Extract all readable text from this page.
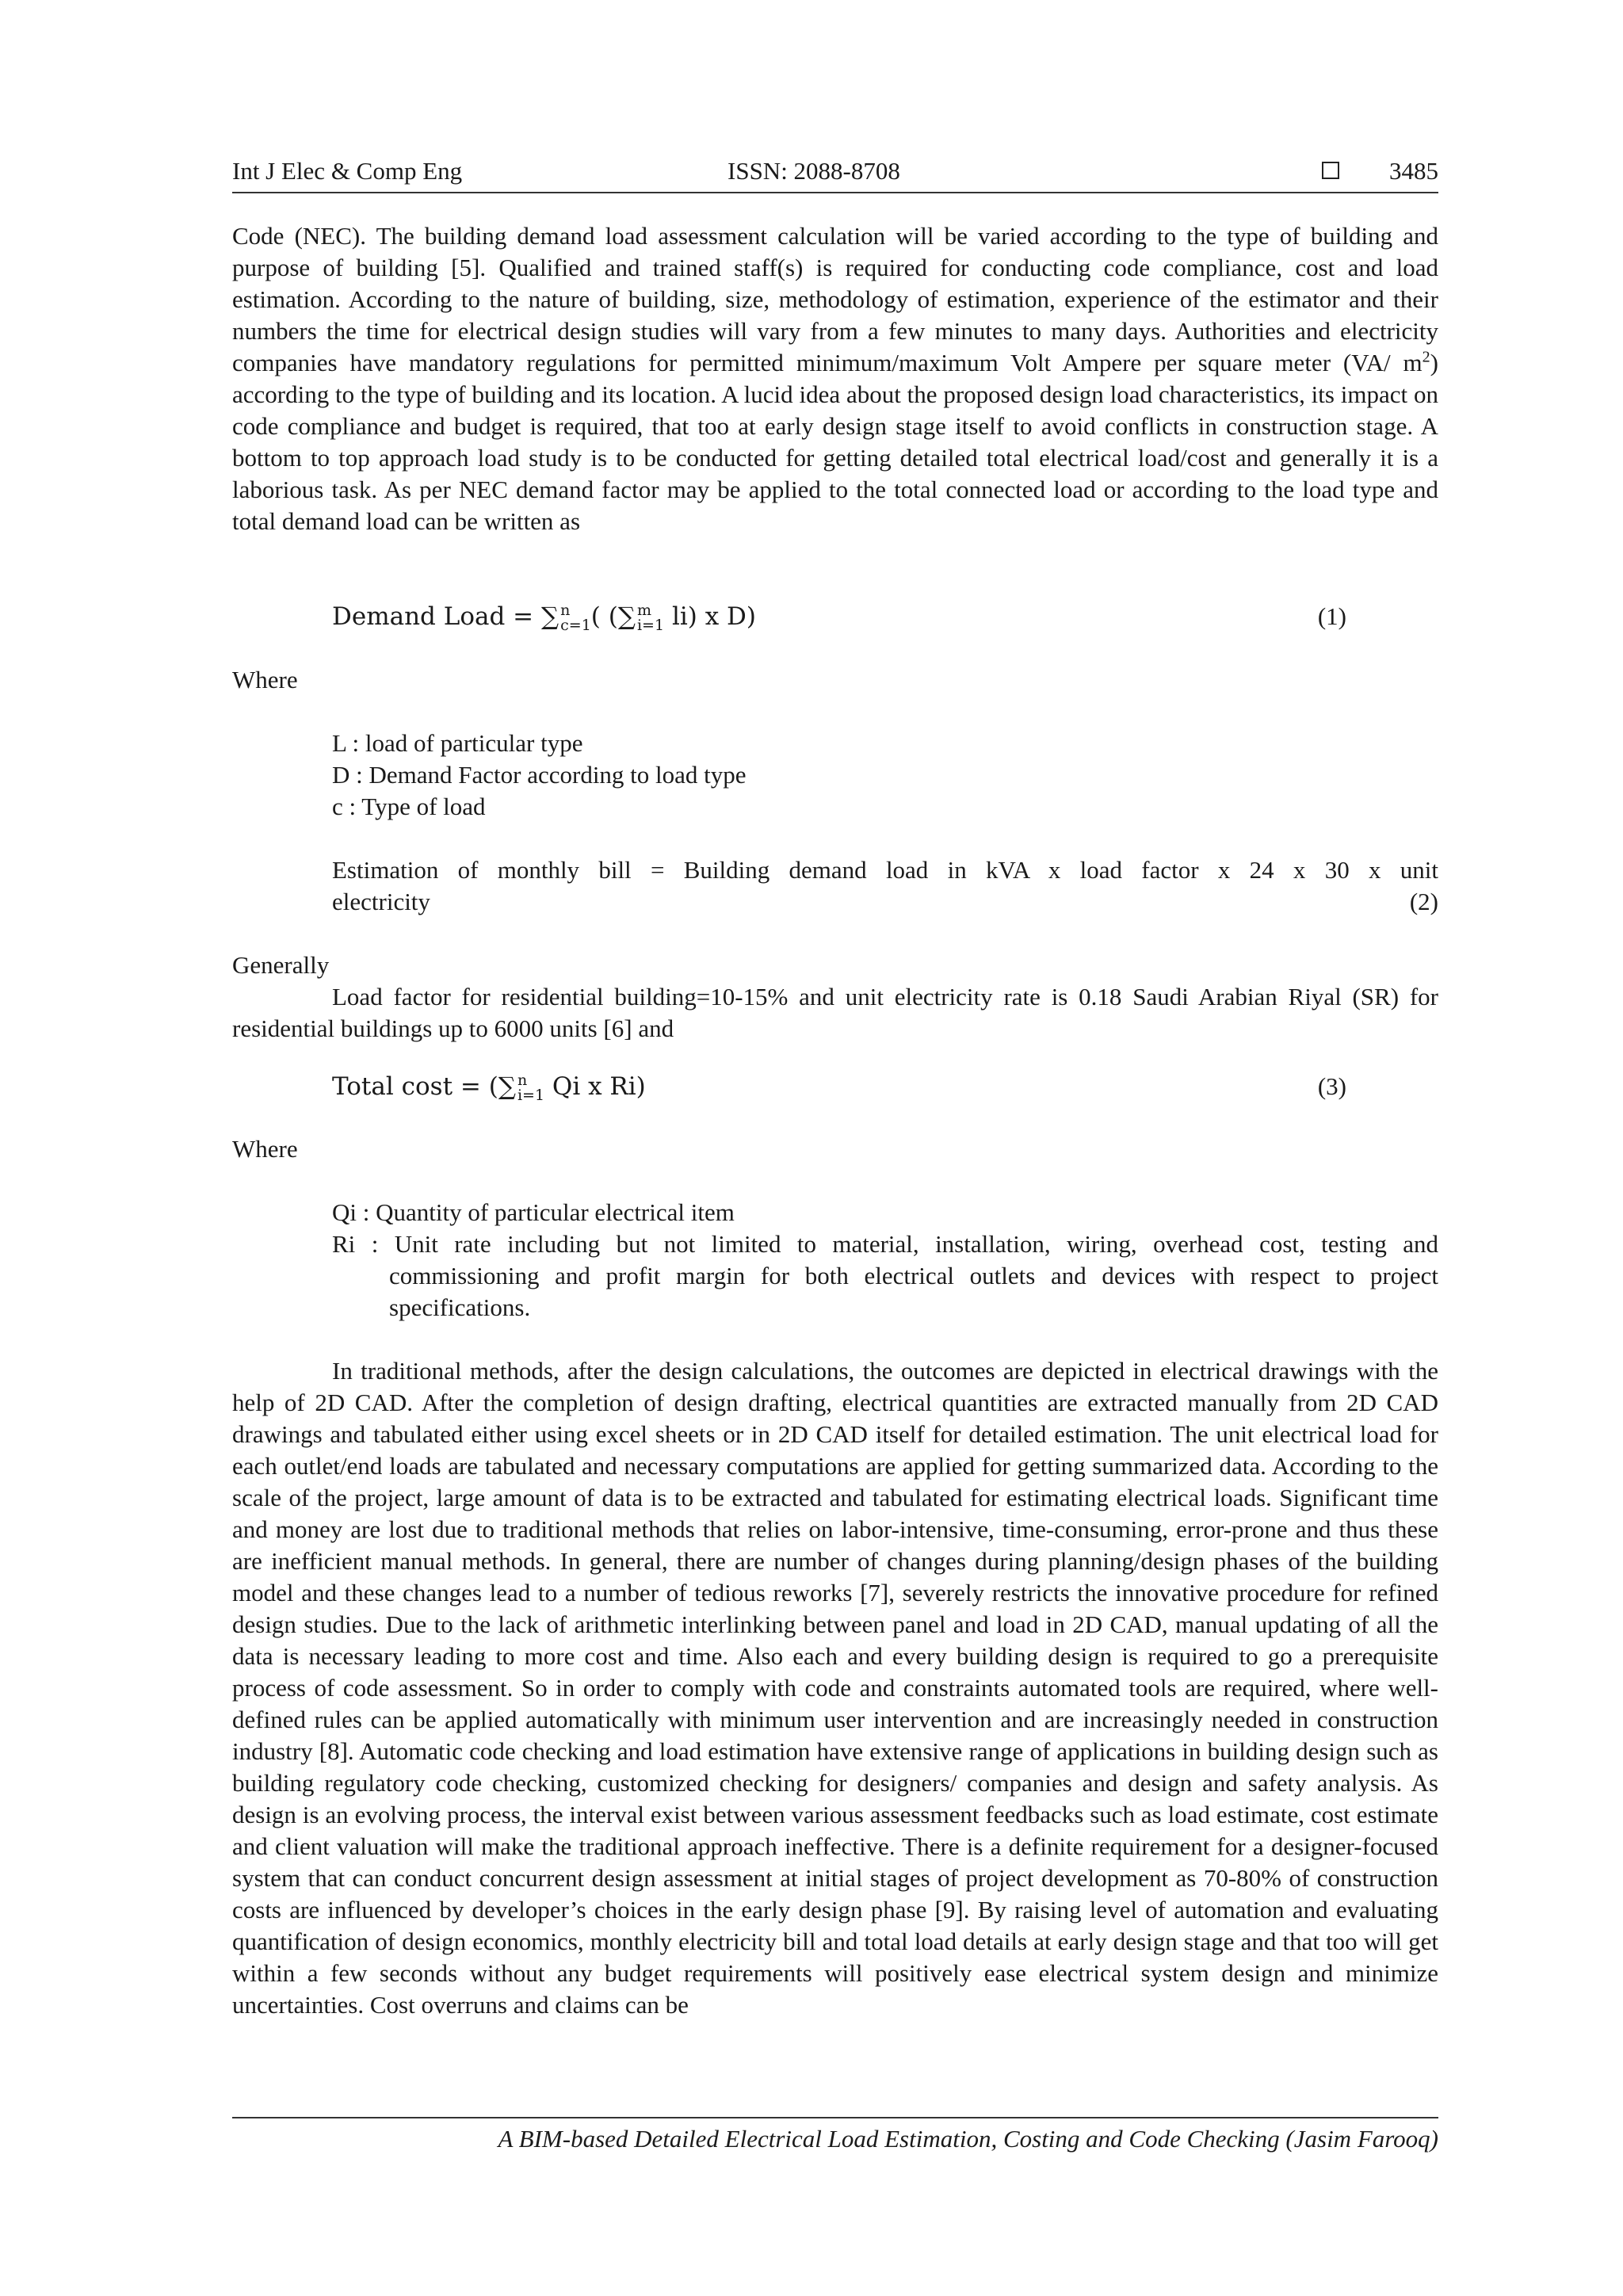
Int J Elec & Comp Eng	ISSN: 2088-8708	3485

Code (NEC). The building demand load assessment calculation will be varied according to the type of building and purpose of building [5]. Qualified and trained staff(s) is required for conducting code compliance, cost and load estimation. According to the nature of building, size, methodology of estimation, experience of the estimator and their numbers the time for electrical design studies will vary from a few minutes to many days. Authorities and electricity companies have mandatory regulations for permitted minimum/maximum Volt Ampere per square meter (VA/ $m^2$) according to the type of building and its location. A lucid idea about the proposed design load characteristics, its impact on code compliance and budget is required, that too at early design stage itself to avoid conflicts in construction stage. A bottom to top approach load study is to be conducted for getting detailed total electrical load/cost and generally it is a laborious task. As per NEC demand factor may be applied to the total connected load or according to the load type and total demand load can be written as

Demand Load = ∑ n
c=1 ( (∑ m
i=1 li) x D)	(1)
Where
L : load of particular type
D : Demand Factor according to load type
c : Type of load
Estimation of monthly bill = Building demand load in kVA x load factor x 24 x 30 x unit
electricity	(2)
Generally

Load factor for residential building=10-15% and unit electricity rate is 0.18 Saudi Arabian Riyal (SR) for residential buildings up to 6000 units [6] and

Total cost = (∑ n
i=1 Qi x Ri)	(3)
Where
Qi : Quantity of particular electrical item
Ri : Unit rate including but not limited to material, installation, wiring, overhead cost, testing and commissioning and profit margin for both electrical outlets and devices with respect to project specifications.

In traditional methods, after the design calculations, the outcomes are depicted in electrical drawings with the help of 2D CAD. After the completion of design drafting, electrical quantities are extracted manually from 2D CAD drawings and tabulated either using excel sheets or in 2D CAD itself for detailed estimation. The unit electrical load for each outlet/end loads are tabulated and necessary computations are applied for getting summarized data. According to the scale of the project, large amount of data is to be extracted and tabulated for estimating electrical loads. Significant time and money are lost due to traditional methods that relies on labor-intensive, time-consuming, error-prone and thus these are inefficient manual methods. In general, there are number of changes during planning/design phases of the building model and these changes lead to a number of tedious reworks [7], severely restricts the innovative procedure for refined design studies. Due to the lack of arithmetic interlinking between panel and load in 2D CAD, manual updating of all the data is necessary leading to more cost and time. Also each and every building design is required to go a prerequisite process of code assessment. So in order to comply with code and constraints automated tools are required, where well-defined rules can be applied automatically with minimum user intervention and are increasingly needed in construction industry [8]. Automatic code checking and load estimation have extensive range of applications in building design such as building regulatory code checking, customized checking for designers/ companies and design and safety analysis. As design is an evolving process, the interval exist between various assessment feedbacks such as load estimate, cost estimate and client valuation will make the traditional approach ineffective. There is a definite requirement for a designer-focused system that can conduct concurrent design assessment at initial stages of project development as 70-80% of construction costs are influenced by developer’s choices in the early design phase [9]. By raising level of automation and evaluating quantification of design economics, monthly electricity bill and total load details at early design stage and that too will get within a few seconds without any budget requirements will positively ease electrical system design and minimize uncertainties. Cost overruns and claims can be

A BIM-based Detailed Electrical Load Estimation, Costing and Code Checking (Jasim Farooq)
